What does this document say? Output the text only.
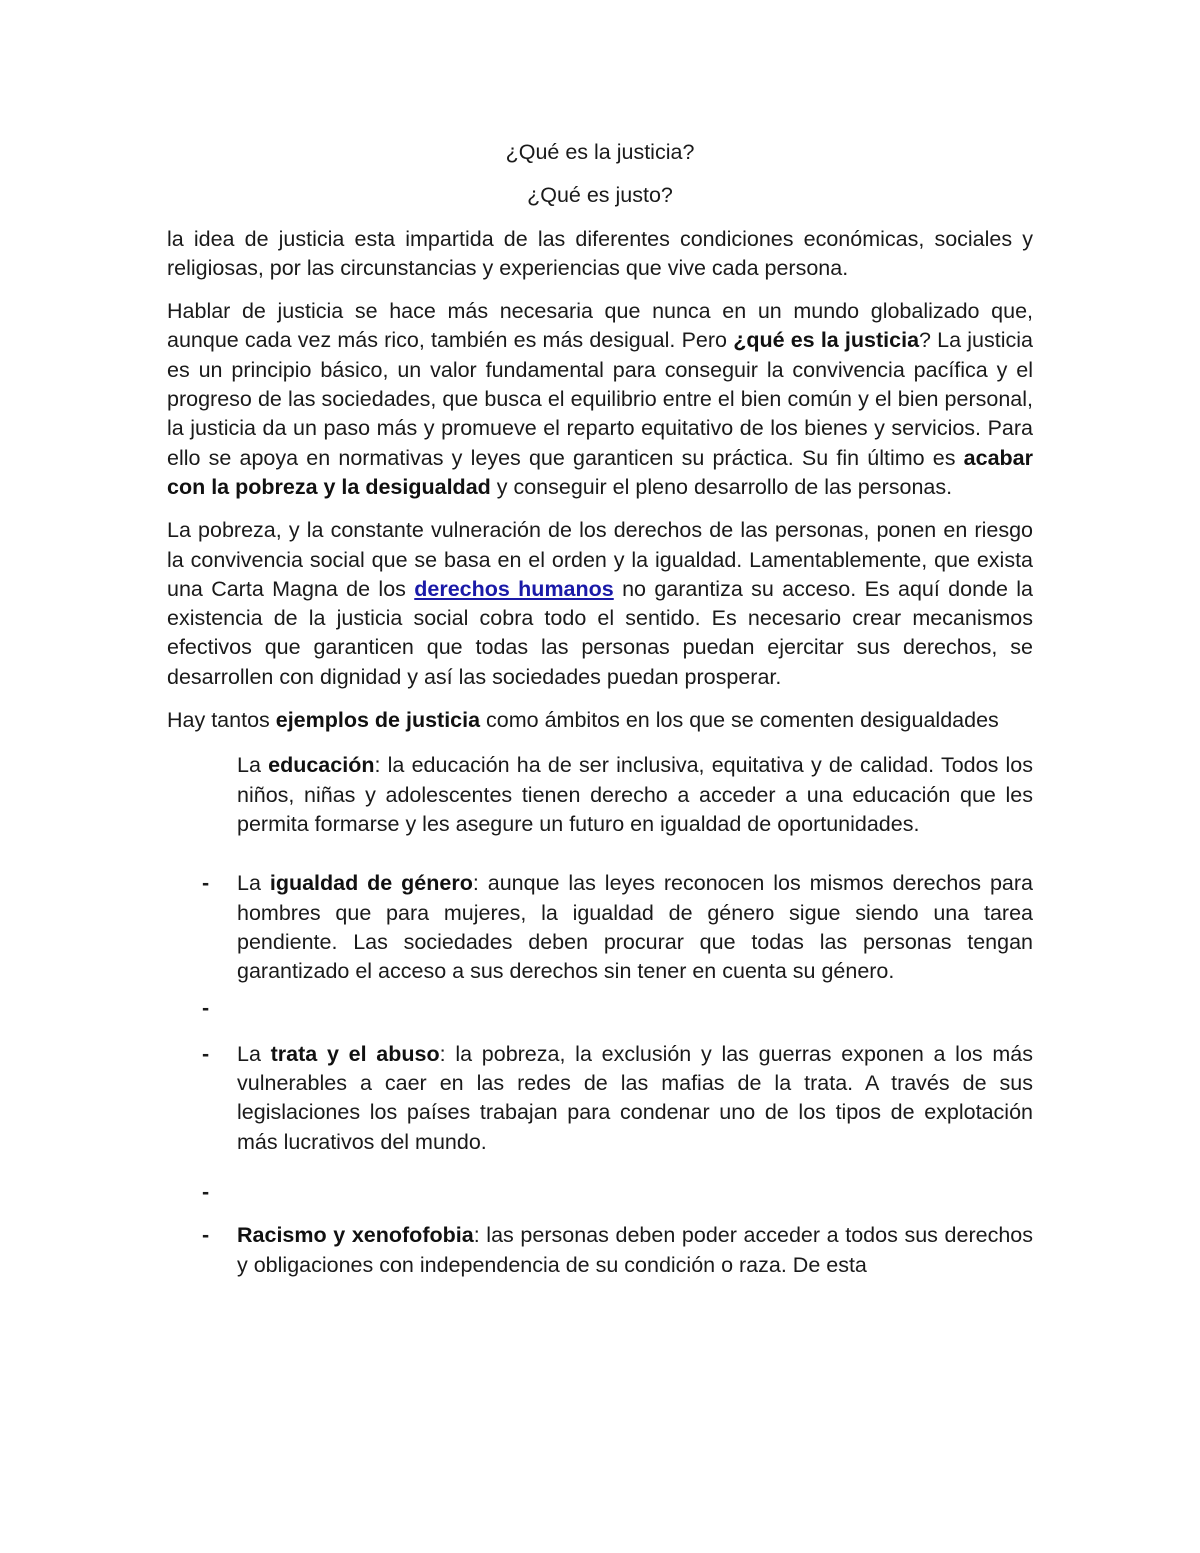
¿Qué es la justicia?
¿Qué es justo?
la idea de justicia esta impartida de las diferentes condiciones económicas, sociales y religiosas, por las circunstancias y experiencias que vive cada persona.
Hablar de justicia se hace más necesaria que nunca en un mundo globalizado que, aunque cada vez más rico, también es más desigual. Pero ¿qué es la justicia? La justicia es un principio básico, un valor fundamental para conseguir la convivencia pacífica y el progreso de las sociedades, que busca el equilibrio entre el bien común y el bien personal, la justicia da un paso más y promueve el reparto equitativo de los bienes y servicios. Para ello se apoya en normativas y leyes que garanticen su práctica. Su fin último es acabar con la pobreza y la desigualdad y conseguir el pleno desarrollo de las personas.
La pobreza, y la constante vulneración de los derechos de las personas, ponen en riesgo la convivencia social que se basa en el orden y la igualdad. Lamentablemente, que exista una Carta Magna de los derechos humanos no garantiza su acceso. Es aquí donde la existencia de la justicia social cobra todo el sentido. Es necesario crear mecanismos efectivos que garanticen que todas las personas puedan ejercitar sus derechos, se desarrollen con dignidad y así las sociedades puedan prosperar.
Hay tantos ejemplos de justicia como ámbitos en los que se comenten desigualdades
La educación: la educación ha de ser inclusiva, equitativa y de calidad. Todos los niños, niñas y adolescentes tienen derecho a acceder a una educación que les permita formarse y les asegure un futuro en igualdad de oportunidades.
- La igualdad de género: aunque las leyes reconocen los mismos derechos para hombres que para mujeres, la igualdad de género sigue siendo una tarea pendiente. Las sociedades deben procurar que todas las personas tengan garantizado el acceso a sus derechos sin tener en cuenta su género.
-

- La trata y el abuso: la pobreza, la exclusión y las guerras exponen a los más vulnerables a caer en las redes de las mafias de la trata. A través de sus legislaciones los países trabajan para condenar uno de los tipos de explotación más lucrativos del mundo.
-

- Racismo y xenofofobia: las personas deben poder acceder a todos sus derechos y obligaciones con independencia de su condición o raza. De esta
